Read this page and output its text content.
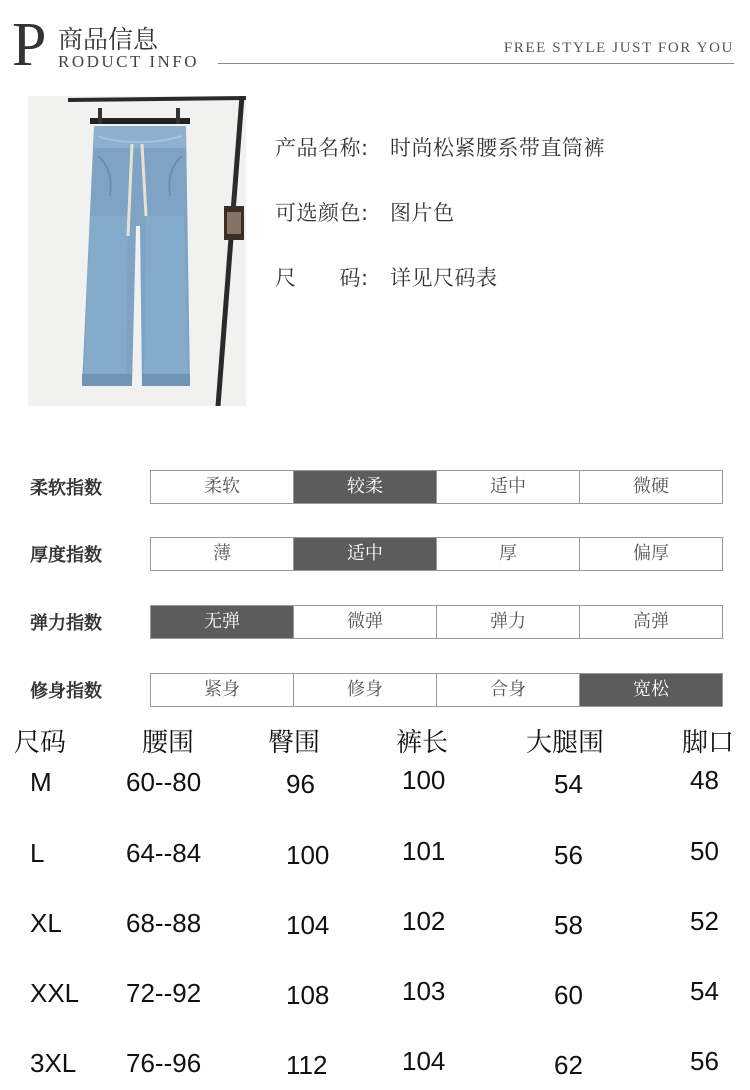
P 商品信息
RODUCT INFO
FREE STYLE JUST FOR YOU
产品名称:	时尚松紧腰系带直筒裤
可选颜色:	图片色
尺      码:	详见尺码表
柔软指数	柔软	较柔	适中	微硬
厚度指数	薄	适中	厚	偏厚
弹力指数	无弹	微弹	弹力	高弹
修身指数	紧身	修身	合身	宽松
尺码	腰围	臀围	裤长	大腿围	脚口
M	60--80	96	100	54	48
L	64--84	100	101	56	50
XL 68--88	104	102	58	52
XXL 72--92	108	103	60	54
3XL 76--96	112	104	62	56
